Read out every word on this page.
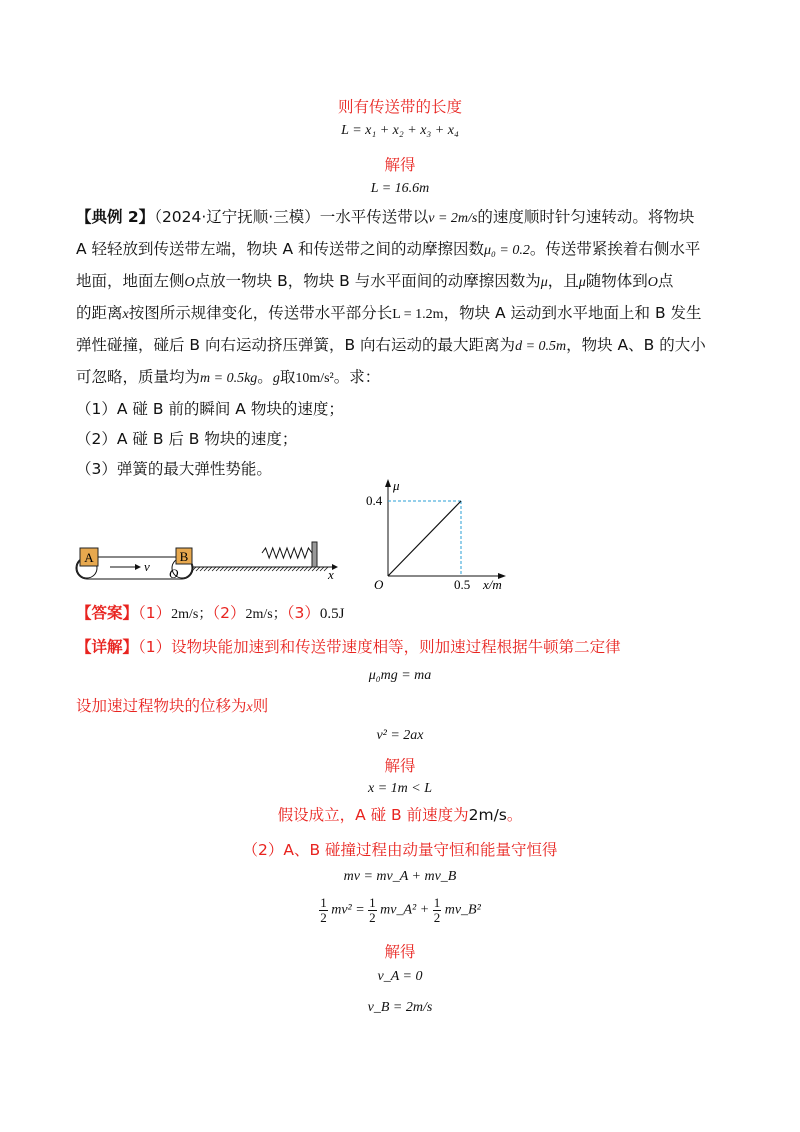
则有传送带的长度
L = x₁ + x₂ + x₃ + x₄
解得
L = 16.6m
【典例 2】（2024·辽宁抚顺·三模）一水平传送带以v = 2m/s的速度顺时针匀速转动。将物块
A 轻轻放到传送带左端，物块 A 和传送带之间的动摩擦因数μ₀ = 0.2。传送带紧挨着右侧水平
地面，地面左侧O点放一物块 B，物块 B 与水平面间的动摩擦因数为μ，且μ随物体到O点
的距离x按图所示规律变化，传送带水平部分长L = 1.2m，物块 A 运动到水平地面上和 B 发生
弹性碰撞，碰后 B 向右运动挤压弹簧，B 向右运动的最大距离为d = 0.5m，物块 A、B 的大小
可忽略，质量均为m = 0.5kg。g取10m/s²。求：
（1）A 碰 B 前的瞬间 A 物块的速度；
（2）A 碰 B 后 B 物块的速度；
（3）弹簧的最大弹性势能。
A
v
B
O	x
μ
0.4
O	0.5 x/m
【答案】（1）2m/s；（2）2m/s；（3）0.5J
【详解】（1）设物块能加速到和传送带速度相等，则加速过程根据牛顿第二定律
μ₀mg = ma
设加速过程物块的位移为x则
v² = 2ax
解得
x = 1m < L
假设成立，A 碰 B 前速度为2m/s。
（2）A、B 碰撞过程由动量守恒和能量守恒得
mv = mv_A + mv_B
$\frac{1}{2} mv^2 = \frac{1}{2}$ mv_A² + $\frac{1}{2}$ mv_B²
解得
v_A = 0
v_B = 2m/s
